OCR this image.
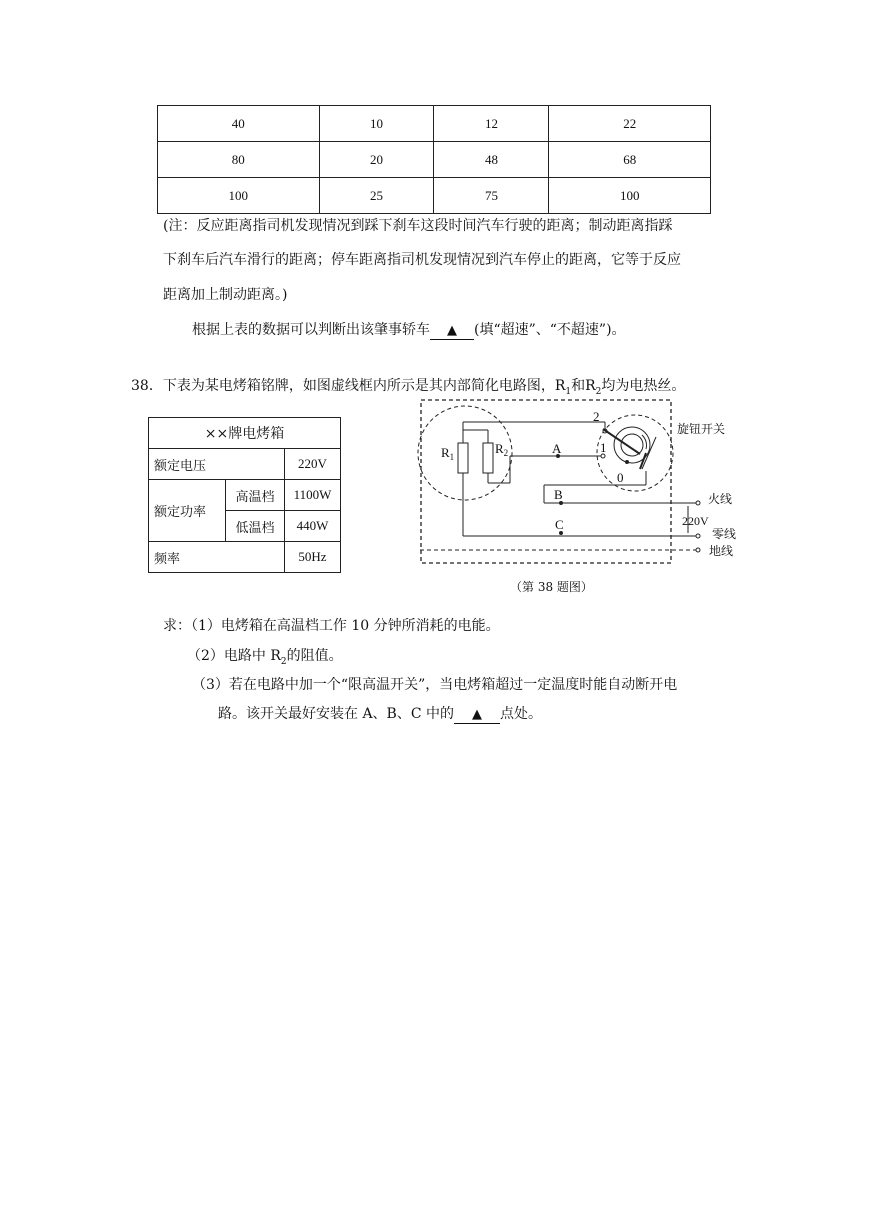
40	10	12	22
80	20	48	68
100	25	75	100
(注：反应距离指司机发现情况到踩下刹车这段时间汽车行驶的距离；制动距离指踩
下刹车后汽车滑行的距离；停车距离指司机发现情况到汽车停止的距离，它等于反应
距离加上制动距离。)
根据上表的数据可以判断出该肇事轿车 ▲ (填“超速”、“不超速”)。
38．下表为某电烤箱铭牌，如图虚线框内所示是其内部简化电路图，$R_1$和$R_2$均为电热丝。
××牌电烤箱		
额定电压		220V
额定功率	高温档	1100W
	低温档	440W
频率		50Hz
$R_1$
$R_2$	A
B
C
1
2
0
旋钮开关
火线
220V
零线
地线
（第 38 题图）
求：（1）电烤箱在高温档工作 10 分钟所消耗的电能。
（2）电路中 $R_2$的阻值。
（3）若在电路中加一个“限高温开关”，当电烤箱超过一定温度时能自动断开电
路。该开关最好安装在 A、B、C 中的 ▲ 点处。
